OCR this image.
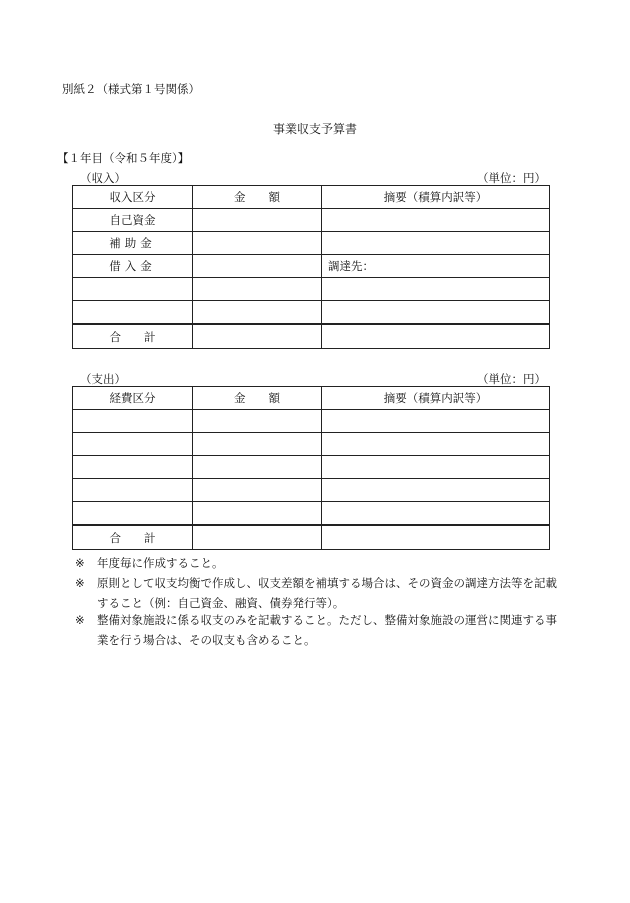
別紙２（様式第１号関係）
事業収支予算書
【１年目（令和５年度）】
（収入）	（単位：円）
収入区分	金　　額	摘要（積算内訳等）
自己資金		
補助金		
借入金		調達先：

合　　計		
（支出）	（単位：円）
経費区分	金　　額	摘要（積算内訳等）

合　　計		
※ 年度毎に作成すること。
※ 原則として収支均衡で作成し、収支差額を補填する場合は、その資金の調達方法等を記載
すること（例：自己資金、融資、債券発行等）。
※ 整備対象施設に係る収支のみを記載すること。ただし、整備対象施設の運営に関連する事
業を行う場合は、その収支も含めること。
